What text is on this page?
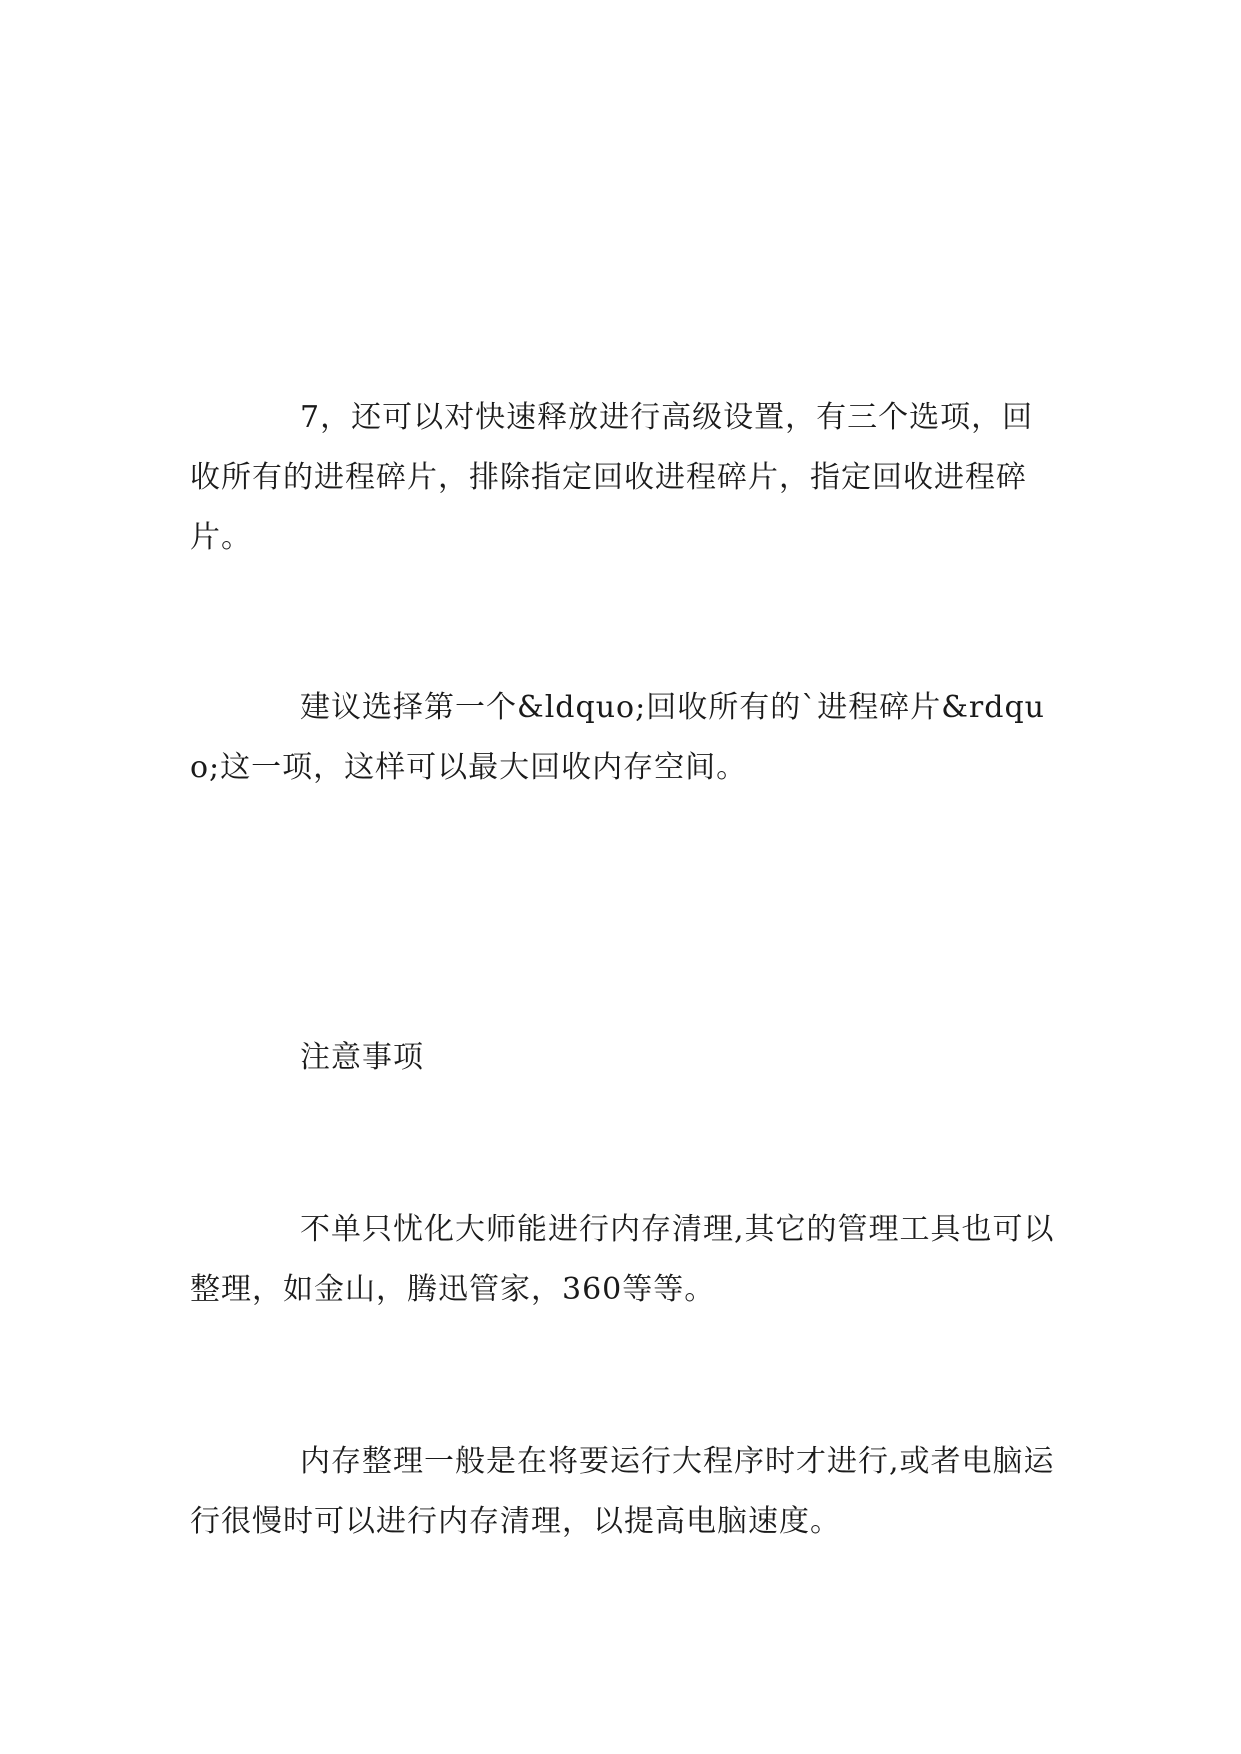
7，还可以对快速释放进行高级设置，有三个选项，回收所有的进程碎片，排除指定回收进程碎片，指定回收进程碎片。

建议选择第一个&ldquo;回收所有的`进程碎片&rdquo;这一项，这样可以最大回收内存空间。

注意事项

不单只忧化大师能进行内存清理,其它的管理工具也可以整理，如金山，腾迅管家，360等等。

内存整理一般是在将要运行大程序时才进行,或者电脑运行很慢时可以进行内存清理，以提高电脑速度。
